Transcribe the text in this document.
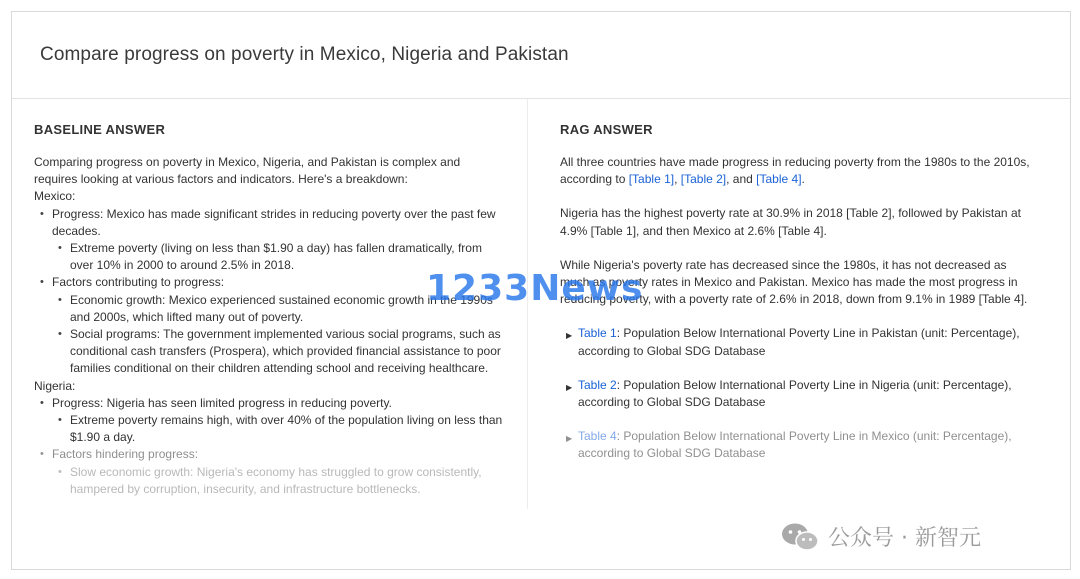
Compare progress on poverty in Mexico, Nigeria and Pakistan
BASELINE ANSWER

Comparing progress on poverty in Mexico, Nigeria, and Pakistan is complex and requires looking at various factors and indicators. Here's a breakdown:

Mexico:

• Progress: Mexico has made significant strides in reducing poverty over the past few decades.
• Extreme poverty (living on less than $1.90 a day) has fallen dramatically, from over 10% in 2000 to around 2.5% in 2018.
• Factors contributing to progress:
• Economic growth: Mexico experienced sustained economic growth in the 1990s and 2000s, which lifted many out of poverty.
• Social programs: The government implemented various social programs, such as conditional cash transfers (Prospera), which provided financial assistance to poor families conditional on their children attending school and receiving healthcare.

Nigeria:

• Progress: Nigeria has seen limited progress in reducing poverty.
• Extreme poverty remains high, with over 40% of the population living on less than $1.90 a day.
• Factors hindering progress:
• Slow economic growth: Nigeria's economy has struggled to grow consistently, hampered by corruption, insecurity, and infrastructure bottlenecks.
RAG ANSWER

All three countries have made progress in reducing poverty from the 1980s to the 2010s, according to [Table 1], [Table 2], and [Table 4].

Nigeria has the highest poverty rate at 30.9% in 2018 [Table 2], followed by Pakistan at 4.9% [Table 1], and then Mexico at 2.6% [Table 4].

While Nigeria's poverty rate has decreased since the 1980s, it has not decreased as much as poverty rates in Mexico and Pakistan. Mexico has made the most progress in reducing poverty, with a poverty rate of 2.6% in 2018, down from 9.1% in 1989 [Table 4].

▶ Table 1: Population Below International Poverty Line in Pakistan (unit: Percentage), according to Global SDG Database
▶ Table 2: Population Below International Poverty Line in Nigeria (unit: Percentage), according to Global SDG Database
▶ Table 4: Population Below International Poverty Line in Mexico (unit: Percentage), according to Global SDG Database
1233News
公众号 · 新智元
